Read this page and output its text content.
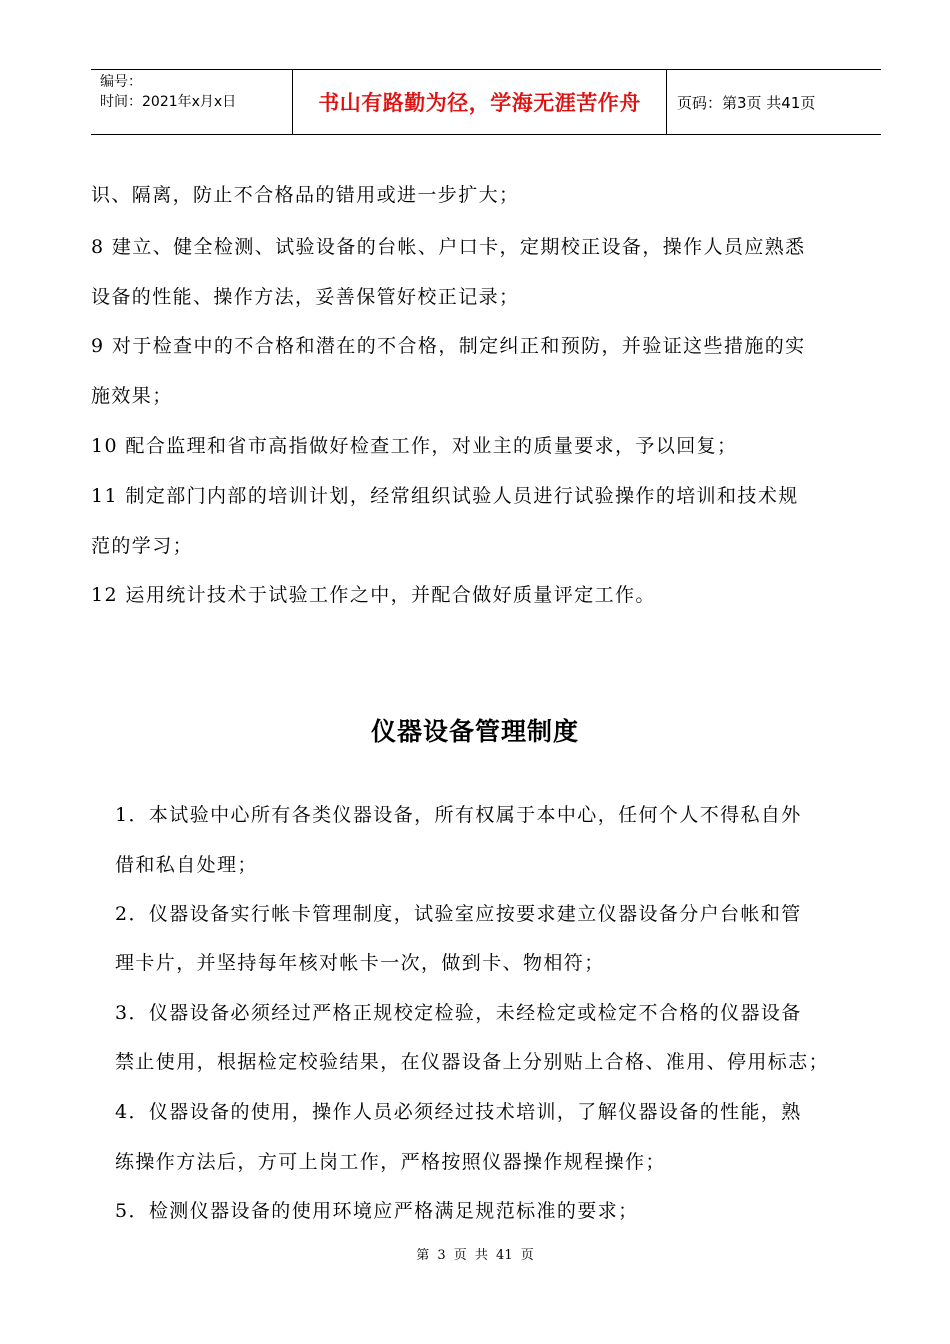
编号：
时间：2021年x月x日	书山有路勤为径，学海无涯苦作舟	页码：第3页 共41页

识、隔离，防止不合格品的错用或进一步扩大；

8 建立、健全检测、试验设备的台帐、户口卡，定期校正设备，操作人员应熟悉

设备的性能、操作方法，妥善保管好校正记录；

9 对于检查中的不合格和潜在的不合格，制定纠正和预防，并验证这些措施的实

施效果；

10 配合监理和省市高指做好检查工作，对业主的质量要求，予以回复；

11 制定部门内部的培训计划，经常组织试验人员进行试验操作的培训和技术规

范的学习；

12 运用统计技术于试验工作之中，并配合做好质量评定工作。

仪器设备管理制度

1．本试验中心所有各类仪器设备，所有权属于本中心，任何个人不得私自外

借和私自处理；

2．仪器设备实行帐卡管理制度，试验室应按要求建立仪器设备分户台帐和管

理卡片，并坚持每年核对帐卡一次，做到卡、物相符；

3．仪器设备必须经过严格正规校定检验，未经检定或检定不合格的仪器设备

禁止使用，根据检定校验结果，在仪器设备上分别贴上合格、准用、停用标志；

4．仪器设备的使用，操作人员必须经过技术培训，了解仪器设备的性能，熟

练操作方法后，方可上岗工作，严格按照仪器操作规程操作；

5．检测仪器设备的使用环境应严格满足规范标准的要求；

第 3 页 共 41 页
